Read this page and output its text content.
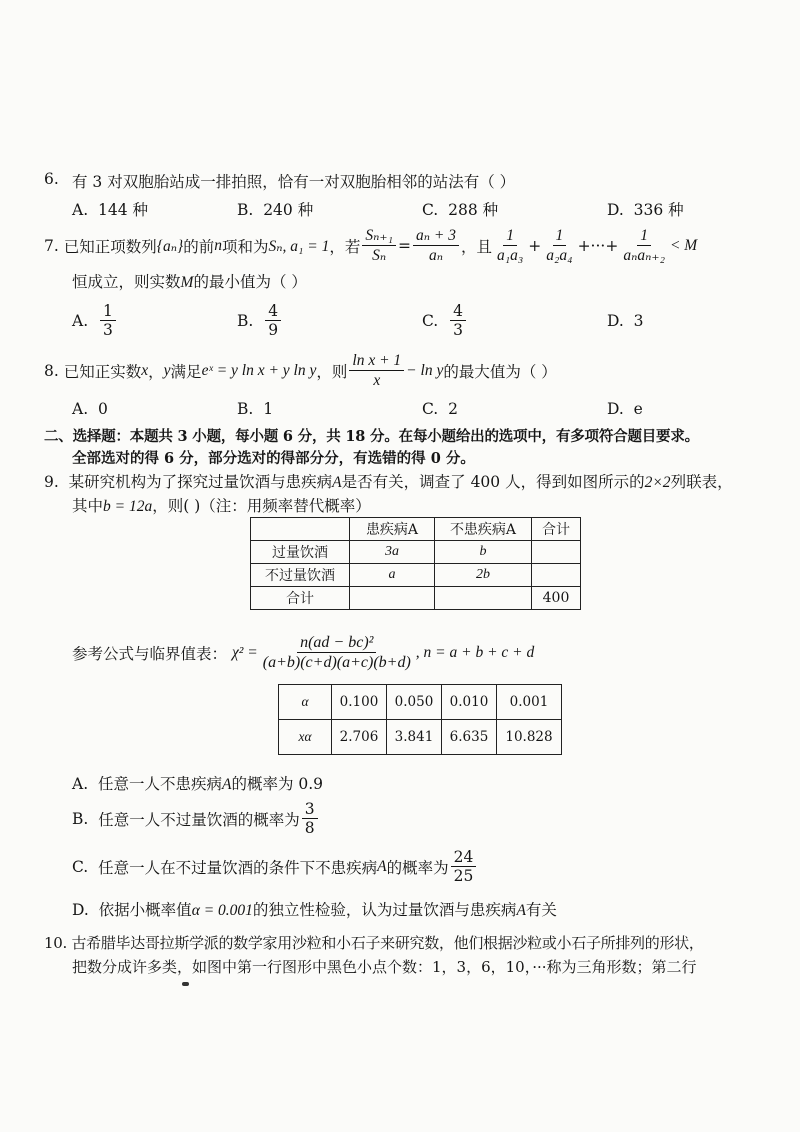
6. 有 3 对双胞胎站成一排拍照，恰有一对双胞胎相邻的站法有（ ）
A. 144 种	B. 240 种	C. 288 种	D. 336 种
7.
已知正项数列 {aₙ} 的前 n 项和为 Sₙ, a₁ = 1 ，若 $\frac{\text{Sₙ₊₁}}{\text{Sₙ}} = \frac{\text{aₙ + 3}}{\text{aₙ}}$ ，且 $\frac{1}{\text{a₁a₃}} + \frac{1}{\text{a₂a₄}}$ +···+ $\frac{1}{\text{aₙaₙ₊₂}} < M$
恒成立，则实数M的最小值为（ ）
A.
$\frac{1}{3}$	B.
$\frac{4}{9}$	C.
$\frac{4}{3}$	D. 3
8.
已知正实数 x ， y 满足 eˣ = y ln x + y ln y ，则 $\frac{\text{ln x + 1}}{x} - \ln y$ 的最大值为（ ）
A. 0	B. 1	C. 2	D. e
二、选择题：本题共 3 小题，每小题 6 分，共 18 分。在每小题给出的选项中，有多项符合题目要求。
全部选对的得 6 分，部分选对的得部分分，有选错的得 0 分。
9. 某研究机构为了探究过量饮酒与患疾病A是否有关，调查了 400 人，得到如图所示的2×2列联表，
其中b = 12a，则( )（注：用频率替代概率）
	患疾病A	不患疾病A	合计
过量饮酒	3a	b	
不过量饮酒	a	2b	
合计			400
参考公式与临界值表：
$\chi^2 = \frac{\text{n(ad − bc)²}}{(a+b)(c+d)(a+c)(b+d)}$ , n = a + b + c + d
α	0.100	0.050	0.010	0.001
xα	2.706	3.841	6.635	10.828
A. 任意一人不患疾病A的概率为 0.9
B.
任意一人不过量饮酒的概率为 $\frac{3}{8}$
C.
任意一人在不过量饮酒的条件下不患疾病 A 的概率为 $\frac{24}{25}$
D. 依据小概率值α = 0.001的独立性检验，认为过量饮酒与患疾病A有关
10. 古希腊毕达哥拉斯学派的数学家用沙粒和小石子来研究数，他们根据沙粒或小石子所排列的形状，
把数分成许多类，如图中第一行图形中黑色小点个数：1，3，6，10，···称为三角形数；第二行
